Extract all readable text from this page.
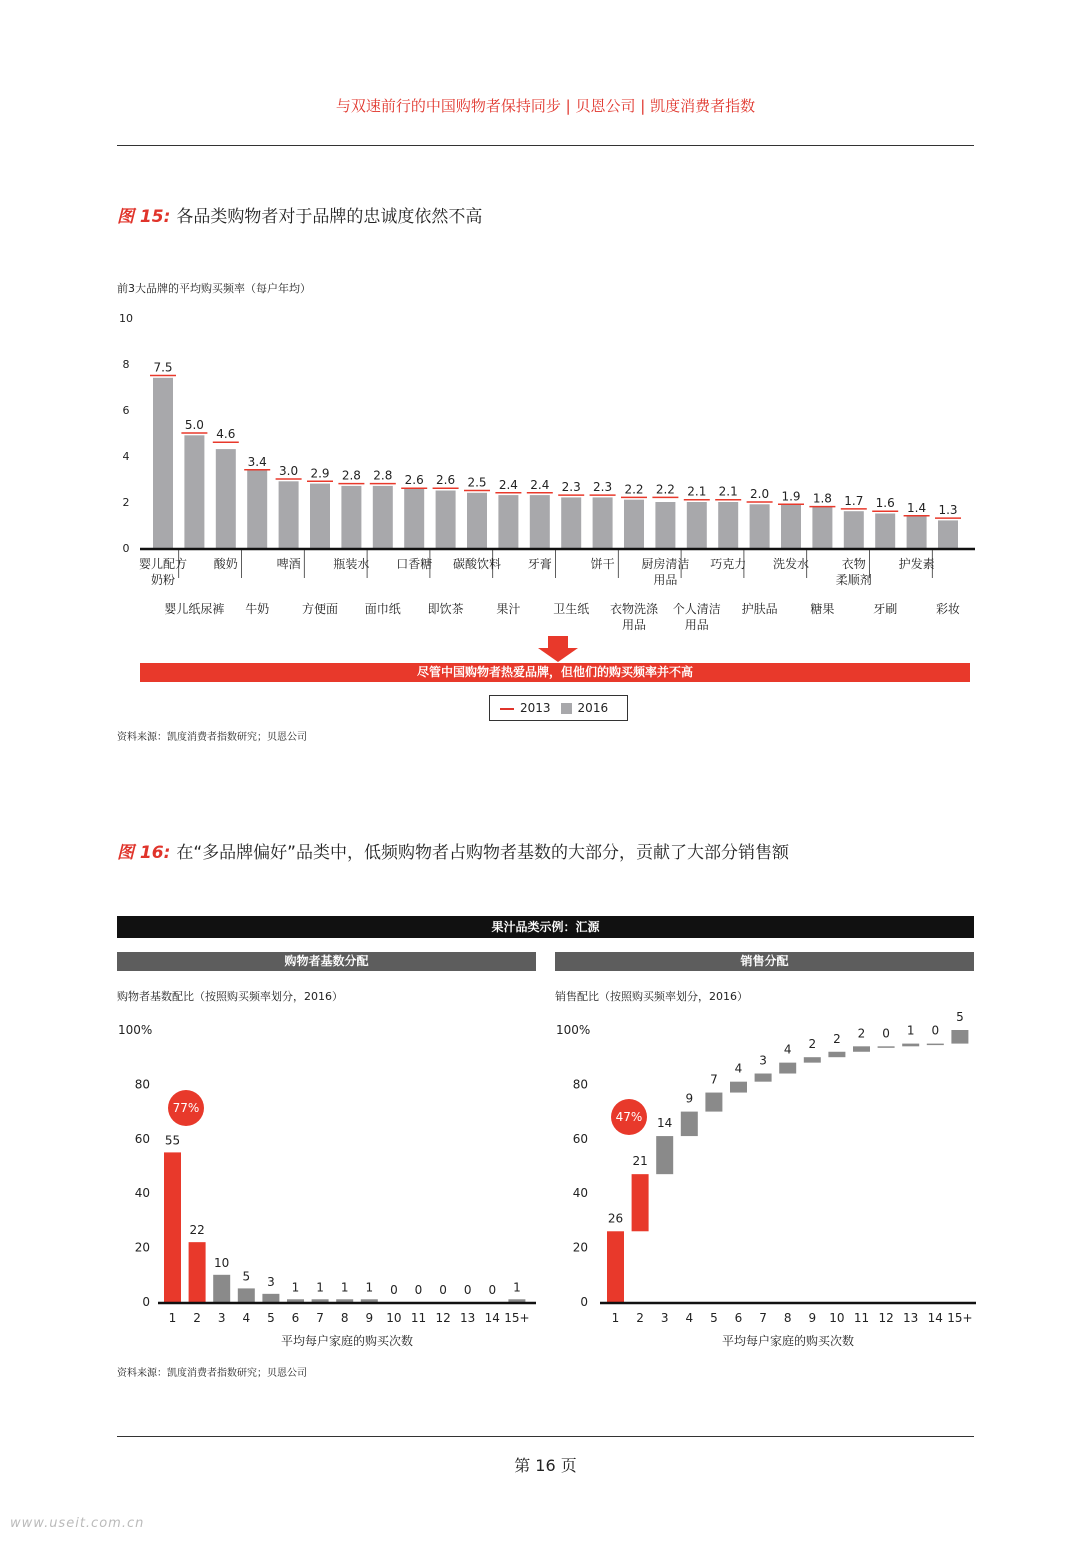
与双速前行的中国购物者保持同步 | 贝恩公司 | 凯度消费者指数
图 15: 各品类购物者对于品牌的忠诚度依然不高
前3大品牌的平均购买频率（每户年均）
0
2
4
6
8
10
7.5
5.0
4.6
3.4
3.0 2.9 2.8 2.8 2.6 2.6 2.5 2.4 2.4 2.3 2.3 2.2 2.2 2.1 2.1 2.0 1.9 1.8 1.7 1.6 1.4 1.3
婴儿配方
奶粉
酸奶	啤酒	瓶装水 口香糖 碳酸饮料 牙膏	饼干 厨房清洁
用品
巧克力 洗发水	衣物
柔顺剂
护发素
婴儿纸尿裤 牛奶	方便面 面巾纸 即饮茶	果汁	卫生纸 衣物洗涤
用品
个人清洁
用品
护肤品	糖果	牙刷	彩妆
尽管中国购物者热爱品牌，但他们的购买频率并不高
2013	2016
资料来源：凯度消费者指数研究；贝恩公司
图 16: 在“多品牌偏好”品类中，低频购物者占购物者基数的大部分，贡献了大部分销售额
果汁品类示例：汇源
购物者基数分配	销售分配
购物者基数配比（按照购买频率划分，2016）	销售配比（按照购买频率划分，2016）
0
20
40
60
80
100%
55
1
22
2
10
3
5
4
3
5
1
6
1
7
1
8
1
9
0
10
0
11
0
12
0
13
0
14
1
15+
平均每户家庭的购买次数
77%
0
20
40
60
80
100%
26
1
21
2
14
3
9
4
7
5
4
6
3
7
4
8
2
9
2
10
2
11
0
12
1
13
0
14
5
15+
平均每户家庭的购买次数
47%
资料来源：凯度消费者指数研究；贝恩公司
第 16 页
www.useit.com.cn
